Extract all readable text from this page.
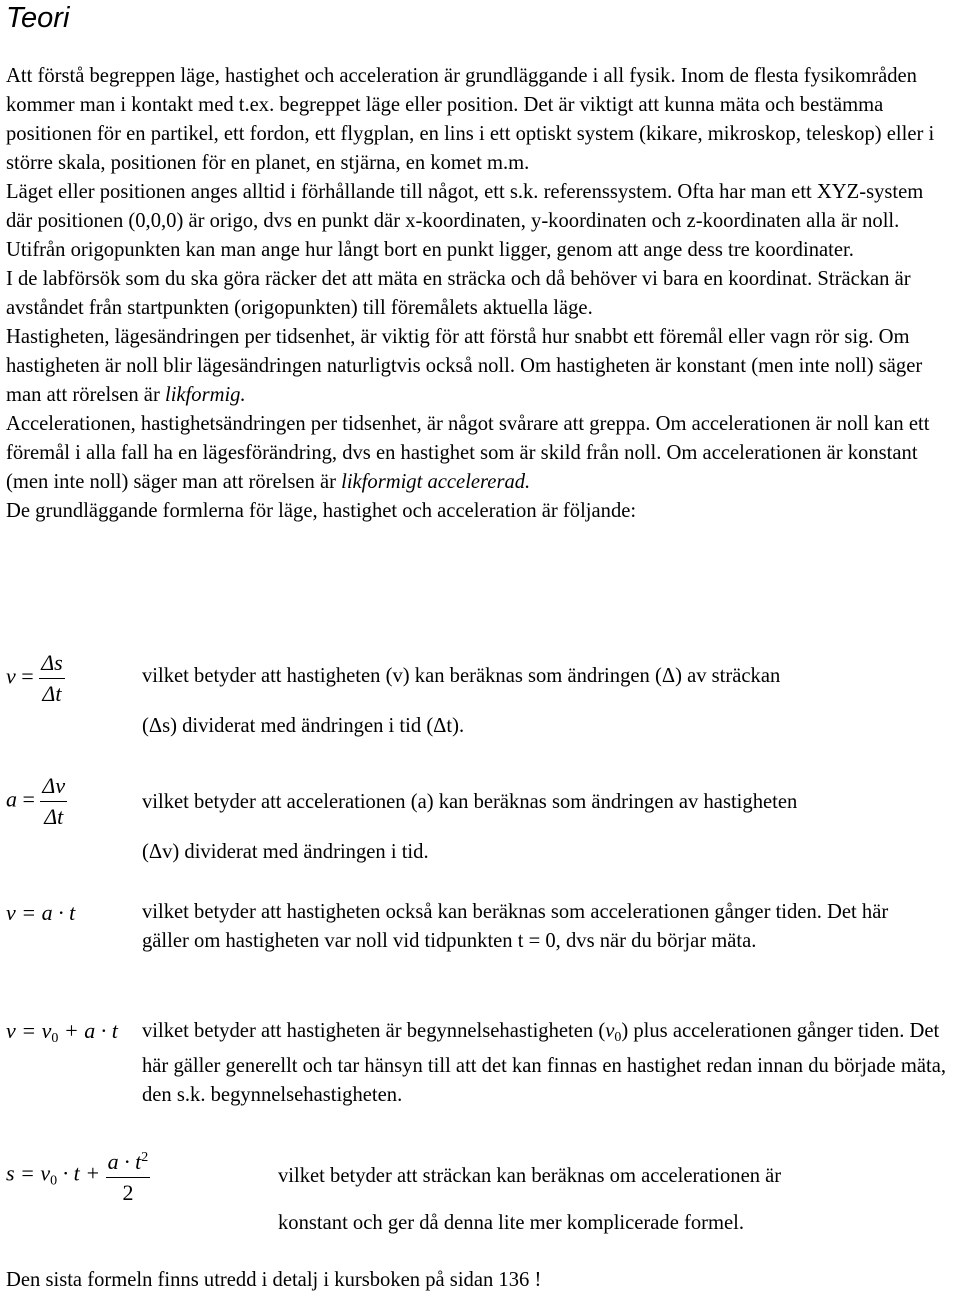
Teori

Att förstå begreppen läge, hastighet och acceleration är grundläggande i all fysik. Inom de flesta fysikområden kommer man i kontakt med t.ex. begreppet läge eller position. Det är viktigt att kunna mäta och bestämma positionen för en partikel, ett fordon, ett flygplan, en lins i ett optiskt system (kikare, mikroskop, teleskop) eller i större skala, positionen för en planet, en stjärna, en komet m.m.

Läget eller positionen anges alltid i förhållande till något, ett s.k. referenssystem. Ofta har man ett XYZ-system där positionen (0,0,0) är origo, dvs en punkt där x-koordinaten, y-koordinaten och z-koordinaten alla är noll. Utifrån origopunkten kan man ange hur långt bort en punkt ligger, genom att ange dess tre koordinater.

I de labförsök som du ska göra räcker det att mäta en sträcka och då behöver vi bara en koordinat. Sträckan är avståndet från startpunkten (origopunkten) till föremålets aktuella läge.

Hastigheten, lägesändringen per tidsenhet, är viktig för att förstå hur snabbt ett föremål eller vagn rör sig. Om hastigheten är noll blir lägesändringen naturligtvis också noll. Om hastigheten är konstant (men inte noll) säger man att rörelsen är likformig.

Accelerationen, hastighetsändringen per tidsenhet, är något svårare att greppa. Om accelerationen är noll kan ett föremål i alla fall ha en lägesförändring, dvs en hastighet som är skild från noll. Om accelerationen är konstant (men inte noll) säger man att rörelsen är likformigt accelererad.

De grundläggande formlerna för läge, hastighet och acceleration är följande:

$v = \frac{\Delta s}{\Delta t}$	vilket betyder att hastigheten (v) kan beräknas som ändringen (Δ) av sträckan

(Δs) dividerat med ändringen i tid (Δt).

$a = \frac{\Delta v}{\Delta t}$	vilket betyder att accelerationen (a) kan beräknas som ändringen av hastigheten

(Δv) dividerat med ändringen i tid.

v = a · t	vilket betyder att hastigheten också kan beräknas som accelerationen gånger tiden. Det här gäller om hastigheten var noll vid tidpunkten t = 0, dvs när du börjar mäta.

$v = v_0 + a \cdot t$ vilket betyder att hastigheten är begynnelsehastigheten $(v_0)$ plus accelerationen gånger tiden. Det här gäller generellt och tar hänsyn till att det kan finnas en hastighet redan innan du började mäta, den s.k. begynnelsehastigheten.

$s = v_0 \cdot t + \frac{a \cdot t^2}{2}$	vilket betyder att sträckan kan beräknas om accelerationen är

konstant och ger då denna lite mer komplicerade formel.

Den sista formeln finns utredd i detalj i kursboken på sidan 136 !
